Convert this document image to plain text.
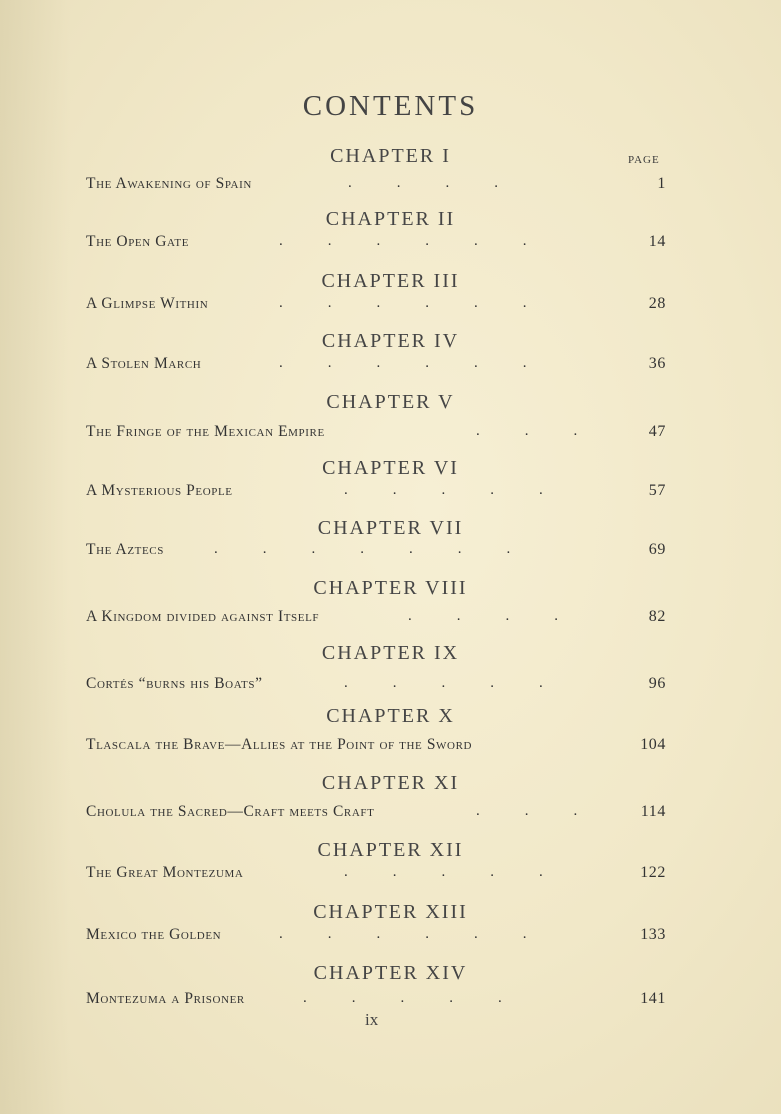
CONTENTS
PAGE
CHAPTER I
The Awakening of Spain	.   .   .   .	1
CHAPTER II
The Open Gate	.   .   .   .   .   .	14
CHAPTER III
A Glimpse Within	.   .   .   .   .   .	28
CHAPTER IV
A Stolen March	.   .   .   .   .   .	36
CHAPTER V
The Fringe of the Mexican Empire	.   .   .	47
CHAPTER VI
A Mysterious People	.   .   .   .   .	57
CHAPTER VII
The Aztecs	.   .   .   .   .   .   .	69
CHAPTER VIII
A Kingdom divided against Itself	.   .   .   .	82
CHAPTER IX
Cortés “burns his Boats”	.   .   .   .   .	96
CHAPTER X
Tlascala the Brave—Allies at the Point of the Sword	104
CHAPTER XI
Cholula the Sacred—Craft meets Craft	.   .   .	114
CHAPTER XII
The Great Montezuma	.   .   .   .   .	122
CHAPTER XIII
Mexico the Golden	.   .   .   .   .   .	133
CHAPTER XIV
Montezuma a Prisoner	.   .   .   .   .	141
ix
